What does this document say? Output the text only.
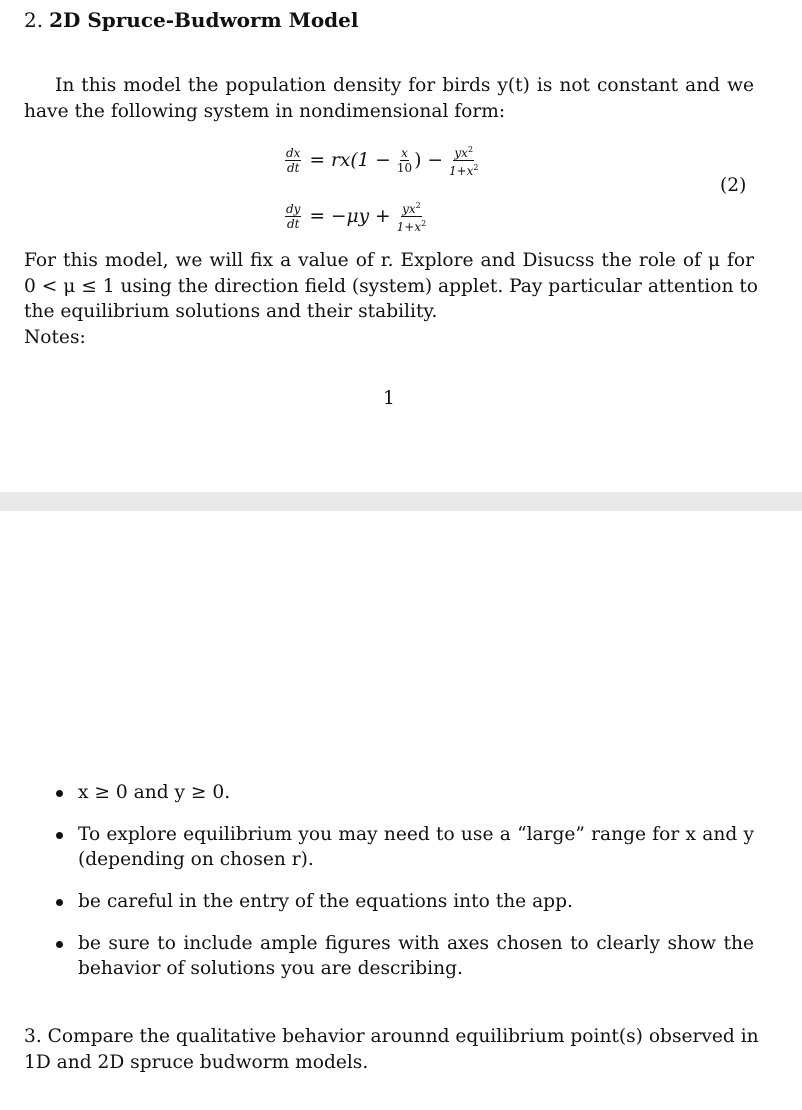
2. 2D Spruce-Budworm Model
In this model the population density for birds y(t) is not constant and we
have the following system in nondimensional form:
$\frac{dx}{dt} = rx(1 - \frac{x}{10}$ ) − $\frac{yx^2}{1+x^2}$
(2)
$\frac{dy}{dt} = -\mu y + \frac{yx^2}{1+x^2}$
For this model, we will fix a value of r. Explore and Disucss the role of μ for
0 < μ ≤ 1 using the direction field (system) applet. Pay particular attention to
the equilibrium solutions and their stability.
Notes:
1
x ≥ 0 and y ≥ 0.
To explore equilibrium you may need to use a “large” range for x and y
(depending on chosen r).
be careful in the entry of the equations into the app.
be sure to include ample figures with axes chosen to clearly show the
behavior of solutions you are describing.
3. Compare the qualitative behavior arounnd equilibrium point(s) observed in
1D and 2D spruce budworm models.
